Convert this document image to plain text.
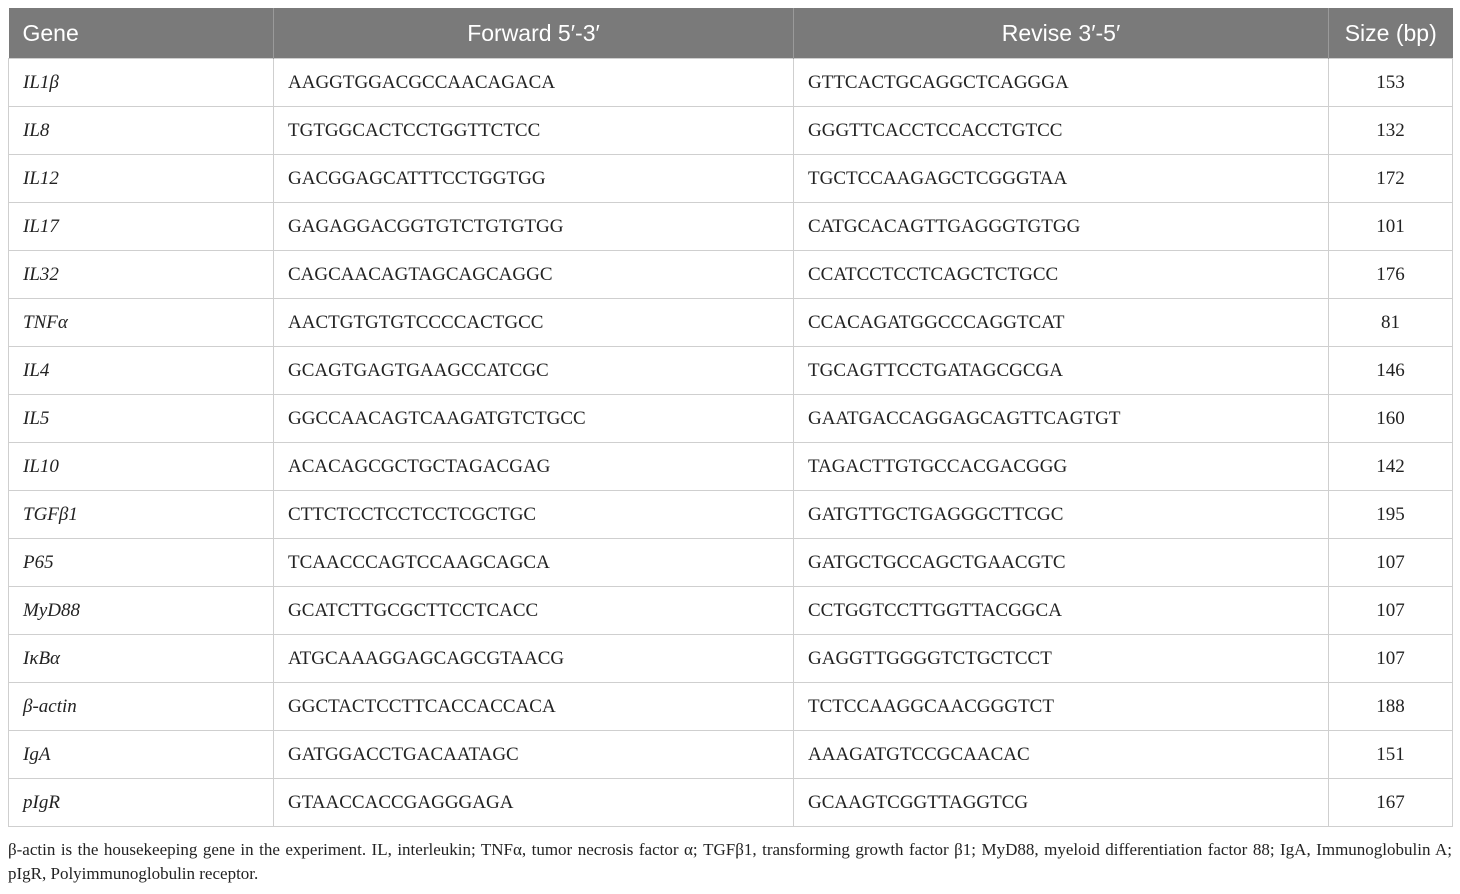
Gene	Forward 5′-3′	Revise 3′-5′	Size (bp)
IL1β	AAGGTGGACGCCAACAGACA	GTTCACTGCAGGCTCAGGGA	153
IL8	TGTGGCACTCCTGGTTCTCC	GGGTTCACCTCCACCTGTCC	132
IL12	GACGGAGCATTTCCTGGTGG	TGCTCCAAGAGCTCGGGTAA	172
IL17	GAGAGGACGGTGTCTGTGTGG	CATGCACAGTTGAGGGTGTGG	101
IL32	CAGCAACAGTAGCAGCAGGC	CCATCCTCCTCAGCTCTGCC	176
TNFα	AACTGTGTGTCCCCACTGCC	CCACAGATGGCCCAGGTCAT	81
IL4	GCAGTGAGTGAAGCCATCGC	TGCAGTTCCTGATAGCGCGA	146
IL5	GGCCAACAGTCAAGATGTCTGCC	GAATGACCAGGAGCAGTTCAGTGT	160
IL10	ACACAGCGCTGCTAGACGAG	TAGACTTGTGCCACGACGGG	142
TGFβ1	CTTCTCCTCCTCCTCGCTGC	GATGTTGCTGAGGGCTTCGC	195
P65	TCAACCCAGTCCAAGCAGCA	GATGCTGCCAGCTGAACGTC	107
MyD88	GCATCTTGCGCTTCCTCACC	CCTGGTCCTTGGTTACGGCA	107
IκBα	ATGCAAAGGAGCAGCGTAACG	GAGGTTGGGGTCTGCTCCT	107
β-actin	GGCTACTCCTTCACCACCACA	TCTCCAAGGCAACGGGTCT	188
IgA	GATGGACCTGACAATAGC	AAAGATGTCCGCAACAC	151
pIgR	GTAACCACCGAGGGAGA	GCAAGTCGGTTAGGTCG	167
β-actin is the housekeeping gene in the experiment. IL, interleukin; TNFα, tumor necrosis factor α; TGFβ1, transforming growth factor β1; MyD88, myeloid differentiation factor 88; IgA, Immunoglobulin A; pIgR, Polyimmunoglobulin receptor.
